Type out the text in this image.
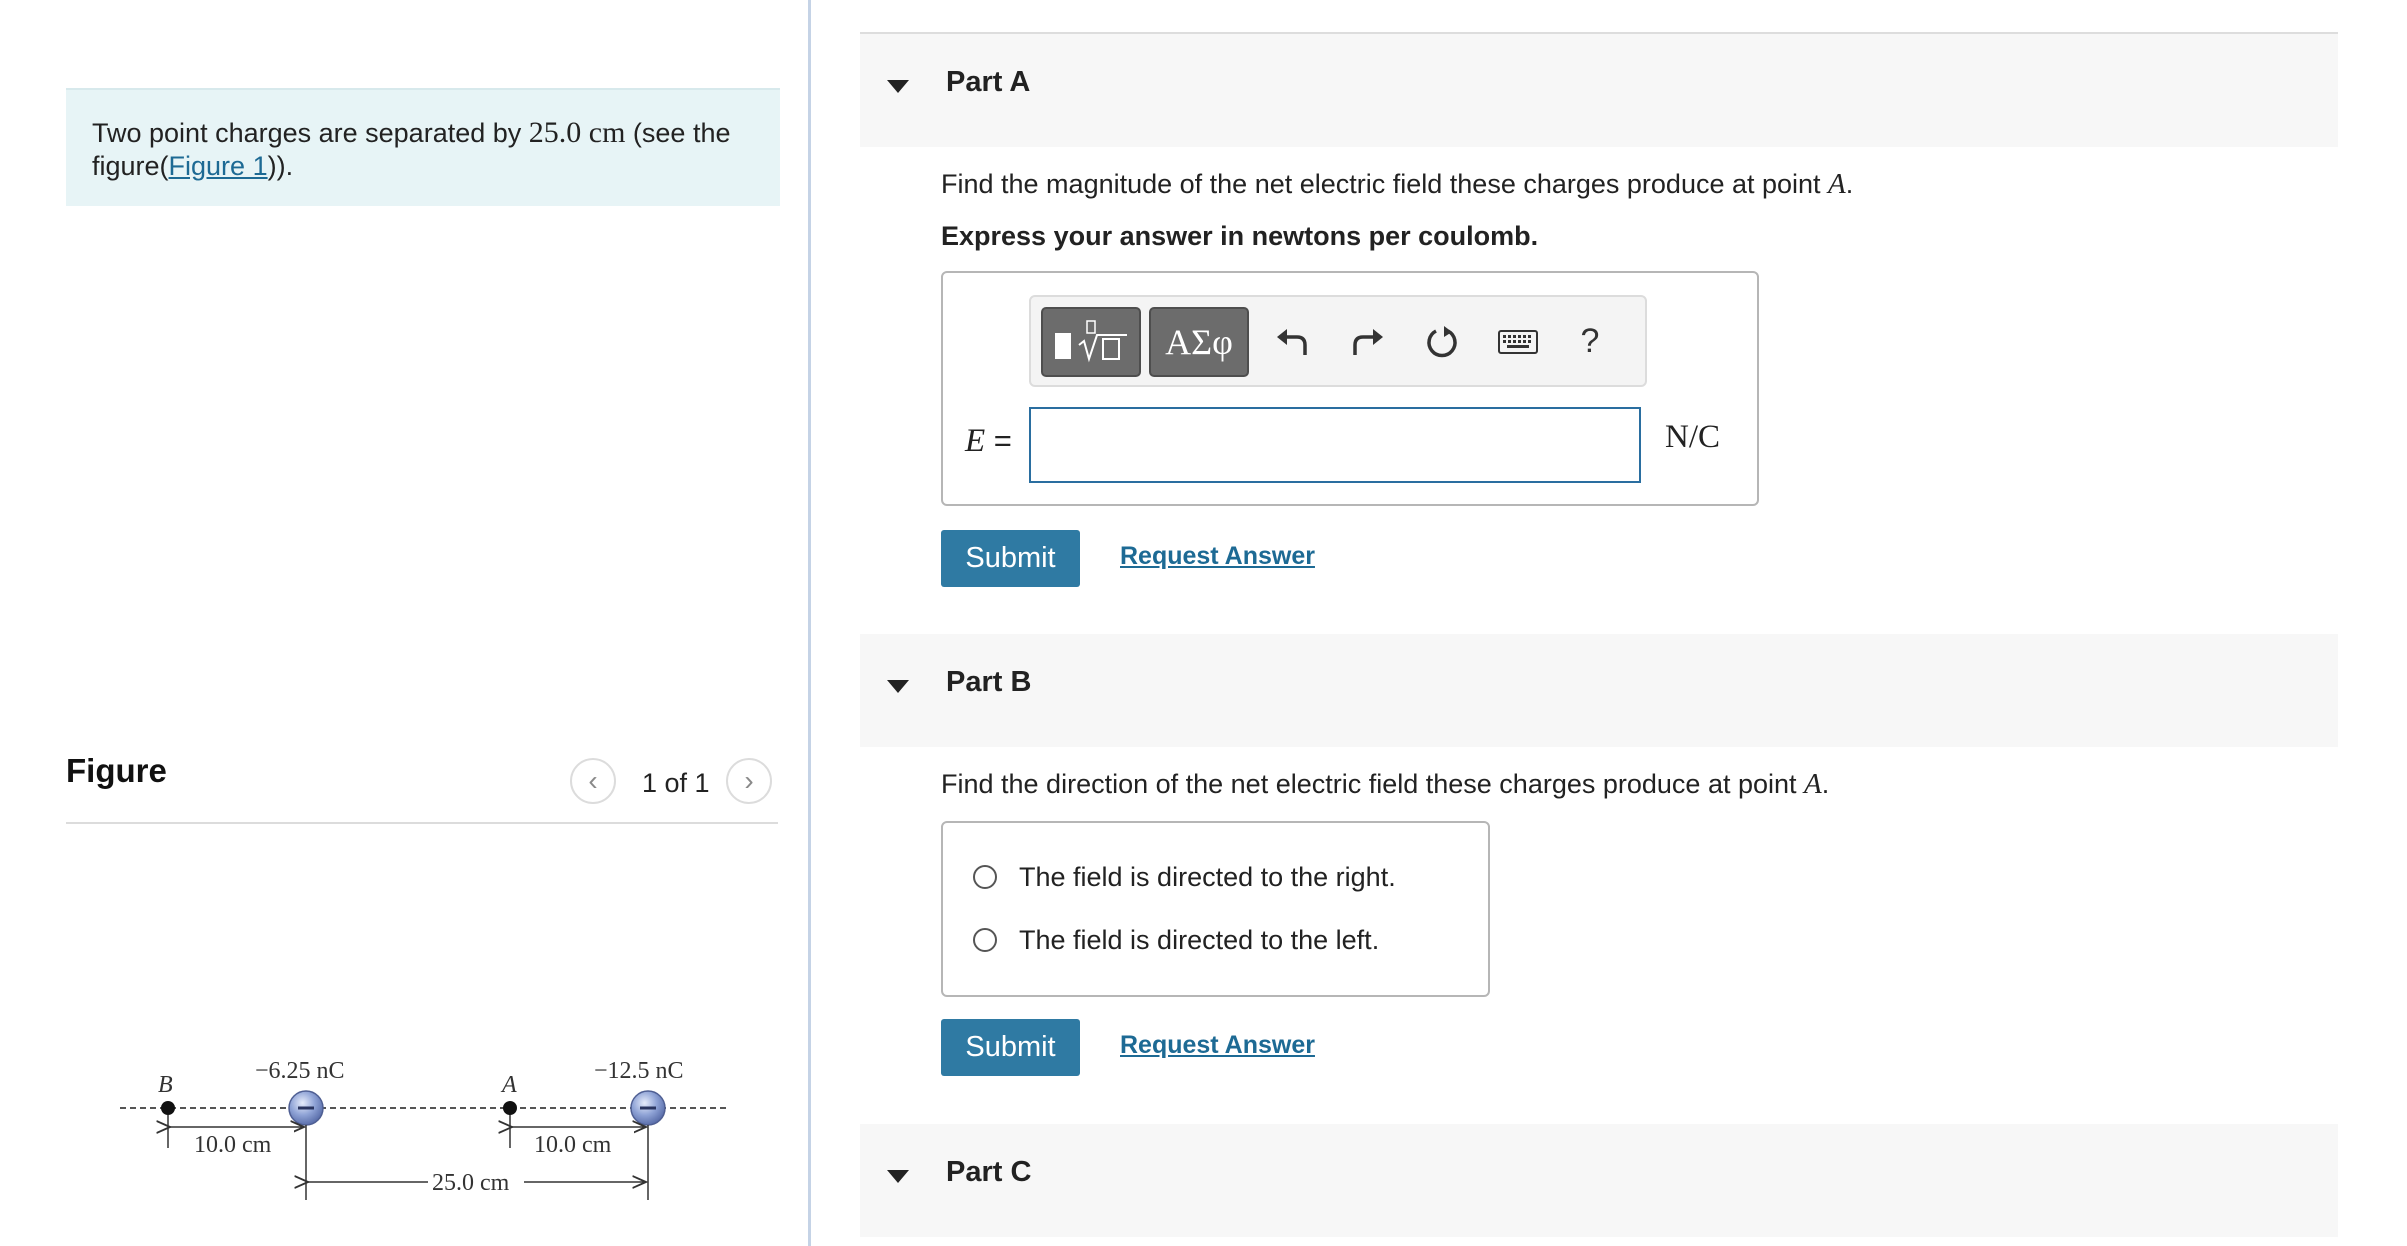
Two point charges are separated by 25.0 cm (see the figure(Figure 1)).
Figure	‹ 1 of 1 ›
B
−6.25 nC
A
−12.5 nC
10.0 cm	10.0 cm
25.0 cm
Part A
Find the magnitude of the net electric field these charges produce at point A.
Express your answer in newtons per coulomb.
ΑΣφ	?
E =	N/C
Submit	Request Answer
Part B
Find the direction of the net electric field these charges produce at point A.
The field is directed to the right.
The field is directed to the left.
Submit	Request Answer
Part C
